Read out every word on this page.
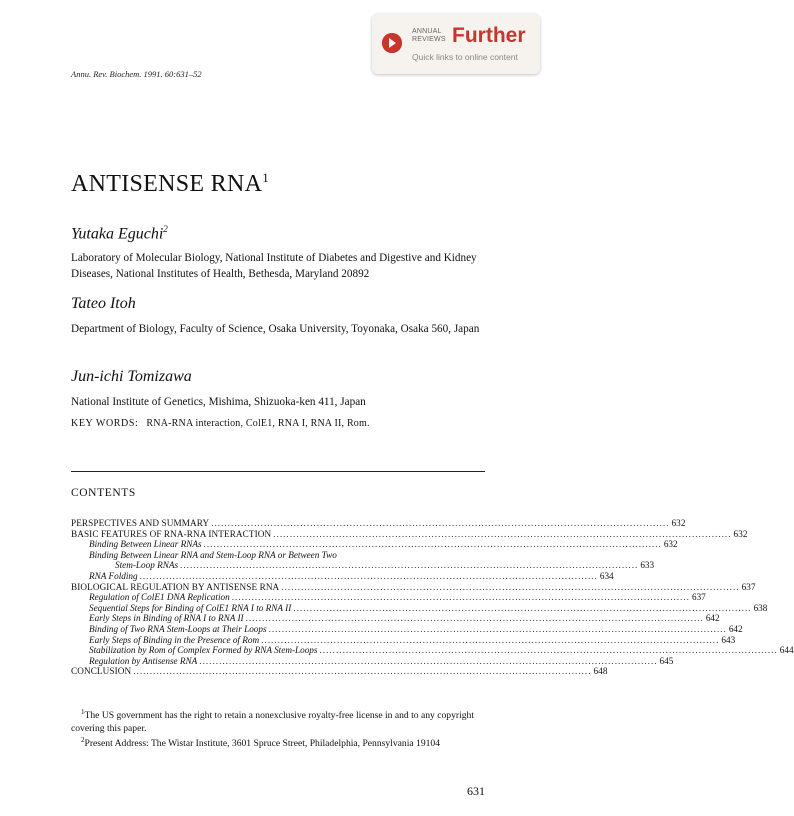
ANNUAL
REVIEWS Further
Quick links to online content
Annu. Rev. Biochem. 1991. 60:631–52
ANTISENSE RNA$^1$
Yutaka Eguchi$^2$
Laboratory of Molecular Biology, National Institute of Diabetes and Digestive and Kidney Diseases, National Institutes of Health, Bethesda, Maryland 20892
Tateo Itoh
Department of Biology, Faculty of Science, Osaka University, Toyonaka, Osaka 560, Japan
Jun-ichi Tomizawa
National Institute of Genetics, Mishima, Shizuoka-ken 411, Japan
KEY WORDS: RNA-RNA interaction, ColE1, RNA I, RNA II, Rom.
CONTENTS
PERSPECTIVES AND SUMMARY ........................................................................................................................................... 632
BASIC FEATURES OF RNA-RNA INTERACTION ........................................................................................................................................... 632
Binding Between Linear RNAs ........................................................................................................................................... 632
Binding Between Linear RNA and Stem-Loop RNA or Between Two
Stem-Loop RNAs ........................................................................................................................................... 633
RNA Folding ........................................................................................................................................... 634
BIOLOGICAL REGULATION BY ANTISENSE RNA ........................................................................................................................................... 637
Regulation of ColE1 DNA Replication ........................................................................................................................................... 637
Sequential Steps for Binding of ColE1 RNA I to RNA II ........................................................................................................................................... 638
Early Steps in Binding of RNA I to RNA II ........................................................................................................................................... 642
Binding of Two RNA Stem-Loops at Their Loops ........................................................................................................................................... 642
Early Steps of Binding in the Presence of Rom ........................................................................................................................................... 643
Stabilization by Rom of Complex Formed by RNA Stem-Loops ........................................................................................................................................... 644
Regulation by Antisense RNA ........................................................................................................................................... 645
CONCLUSION ........................................................................................................................................... 648
$^1$The US government has the right to retain a nonexclusive royalty-free license in and to any copyright covering this paper.
$^2$Present Address: The Wistar Institute, 3601 Spruce Street, Philadelphia, Pennsylvania 19104
631
